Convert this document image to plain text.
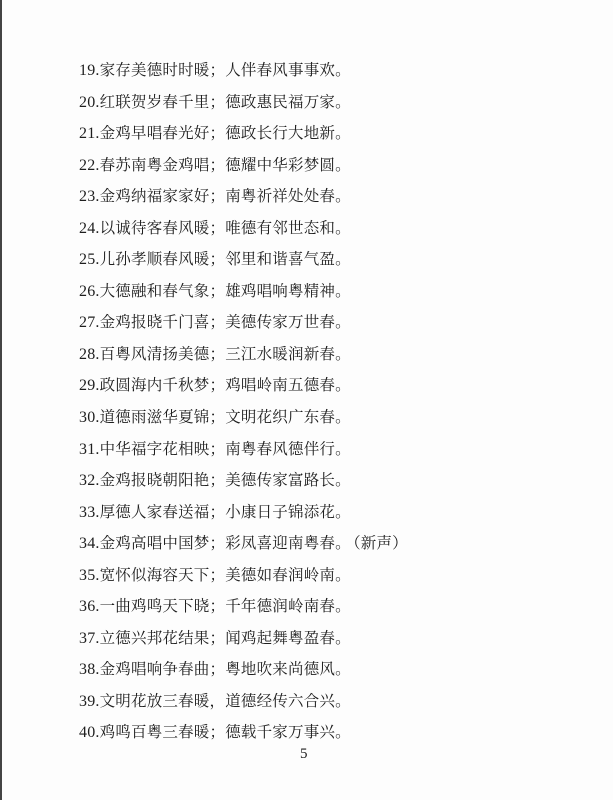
19.家存美德时时暖；人伴春风事事欢。
20.红联贺岁春千里；德政惠民福万家。
21.金鸡早唱春光好；德政长行大地新。
22.春苏南粤金鸡唱；德耀中华彩梦圆。
23.金鸡纳福家家好；南粤祈祥处处春。
24.以诚待客春风暖；唯德有邻世态和。
25.儿孙孝顺春风暖；邻里和谐喜气盈。
26.大德融和春气象；雄鸡唱响粤精神。
27.金鸡报晓千门喜；美德传家万世春。
28.百粤风清扬美德；三江水暖润新春。
29.政圆海内千秋梦；鸡唱岭南五德春。
30.道德雨滋华夏锦；文明花织广东春。
31.中华福字花相映；南粤春风德伴行。
32.金鸡报晓朝阳艳；美德传家富路长。
33.厚德人家春送福；小康日子锦添花。
34.金鸡高唱中国梦；彩凤喜迎南粤春。 （新声）
35.宽怀似海容天下；美德如春润岭南。
36.一曲鸡鸣天下晓；千年德润岭南春。
37.立德兴邦花结果；闻鸡起舞粤盈春。
38.金鸡唱响争春曲；粤地吹来尚德风。
39.文明花放三春暖，道德经传六合兴。
40.鸡鸣百粤三春暖；德载千家万事兴。
5
